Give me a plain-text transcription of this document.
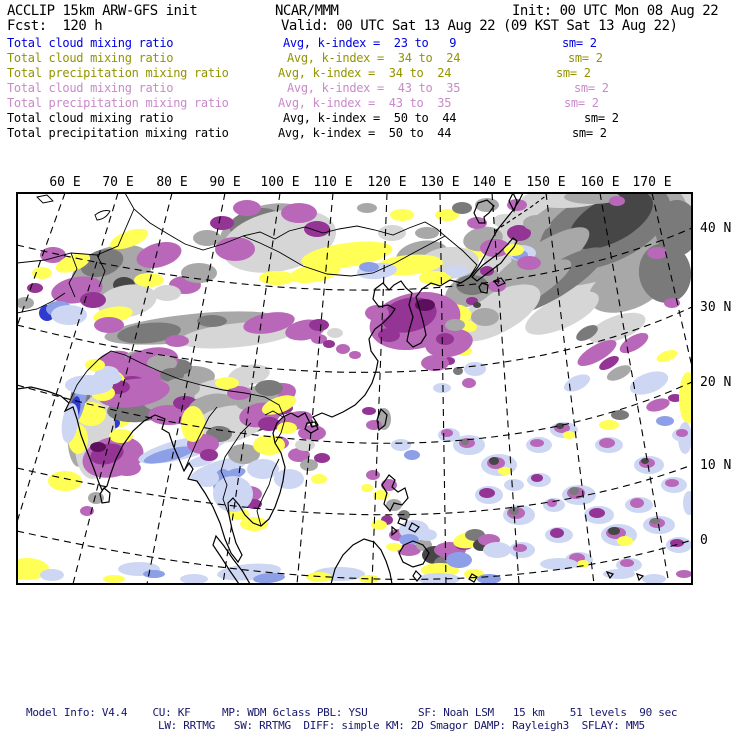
ACCLIP 15km ARW-GFS init	NCAR/MMM	Init: 00 UTC Mon 08 Aug 22
Fcst:  120 h	Valid: 00 UTC Sat 13 Aug 22 (09 KST Sat 13 Aug 22)
Total cloud mixing ratio	Avg, k-index =  23 to   9	sm= 2
Total cloud mixing ratio	Avg, k-index =  34 to  24	sm= 2
Total precipitation mixing ratio	Avg, k-index =  34 to  24	sm= 2
Total cloud mixing ratio	Avg, k-index =  43 to  35	sm= 2
Total precipitation mixing ratio	Avg, k-index =  43 to  35	sm= 2
Total cloud mixing ratio	Avg, k-index =  50 to  44	sm= 2
Total precipitation mixing ratio	Avg, k-index =  50 to  44	sm= 2
60 E 70 E 80 E 90 E 100 E 110 E 120 E 130 E 140 E 150 E 160 E 170 E
40 N
30 N
20 N
10 N
0
Model Info: V4.4    CU: KF     MP: WDM 6class PBL: YSU        SF: Noah LSM   15 km    51 levels  90 sec
LW: RRTMG   SW: RRTMG  DIFF: simple KM: 2D Smagor DAMP: Rayleigh3  SFLAY: MM5
